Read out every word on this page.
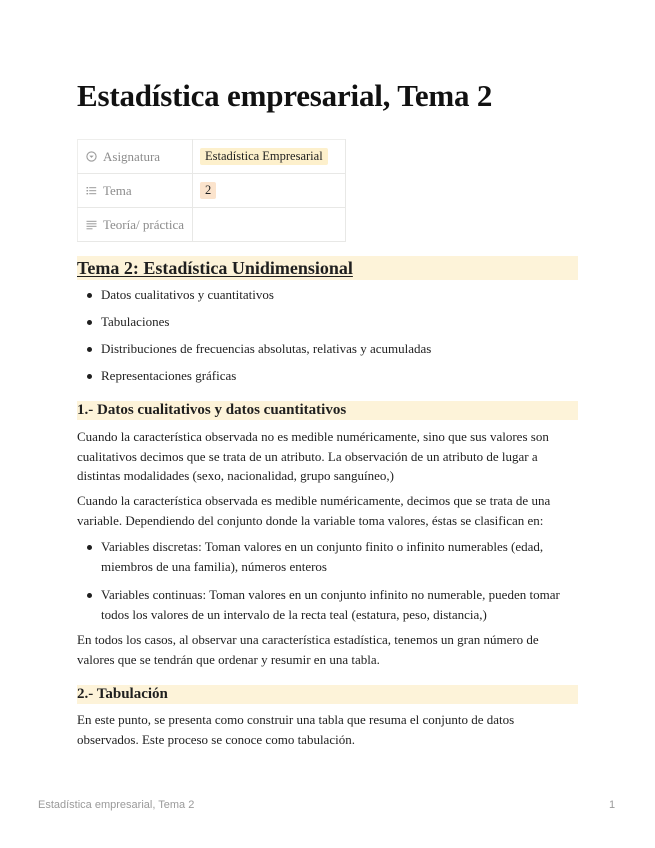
Estadística empresarial, Tema 2
Asignatura	Estadística Empresarial

Tema	2

Teoría/ práctica	

Tema 2: Estadística Unidimensional
Datos cualitativos y cuantitativos
Tabulaciones
Distribuciones de frecuencias absolutas, relativas y acumuladas
Representaciones gráficas
1.- Datos cualitativos y datos cuantitativos

Cuando la característica observada no es medible numéricamente, sino que sus valores son cualitativos decimos que se trata de un atributo. La observación de un atributo de lugar a distintas modalidades (sexo, nacionalidad, grupo sanguíneo,)

Cuando la característica observada es medible numéricamente, decimos que se trata de una variable. Dependiendo del conjunto donde la variable toma valores, éstas se clasifican en:

Variables discretas: Toman valores en un conjunto finito o infinito numerables (edad, miembros de una familia), números enteros
Variables continuas: Toman valores en un conjunto infinito no numerable, pueden tomar todos los valores de un intervalo de la recta teal (estatura, peso, distancia,)

En todos los casos, al observar una característica estadística, tenemos un gran número de valores que se tendrán que ordenar y resumir en una tabla.

2.- Tabulación

En este punto, se presenta como construir una tabla que resuma el conjunto de datos observados. Este proceso se conoce como tabulación.

Estadística empresarial, Tema 2	1
